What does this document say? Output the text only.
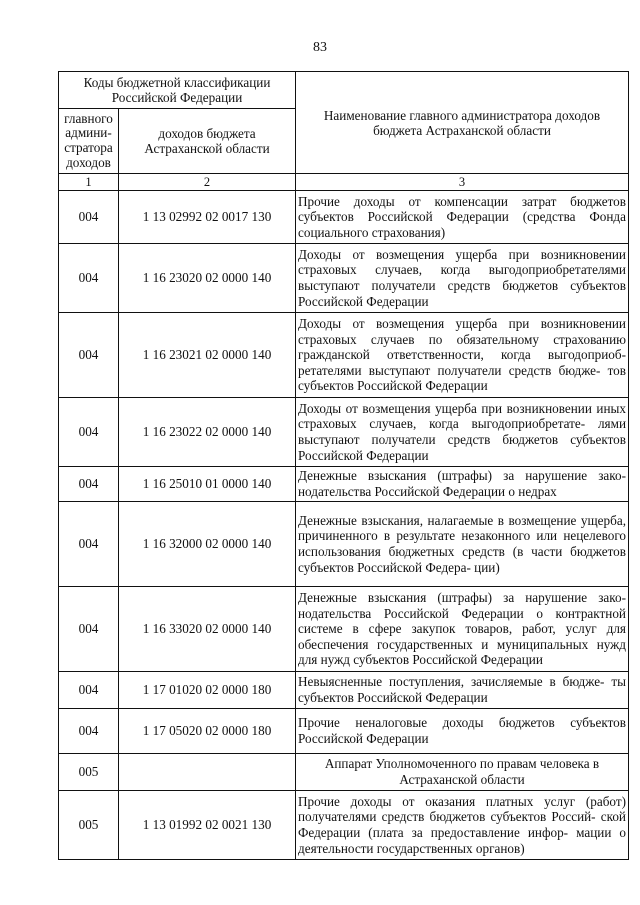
83
Коды бюджетной классификации Российской Федерации		Наименование главного администратора доходов бюджета Астраханской области
главного админи- стратора доходов	доходов бюджета Астраханской области	
1	2	3
004	1 13 02992 02 0017 130	Прочие доходы от компенсации затрат бюджетов субъектов Российской Федерации (средства Фонда социального страхования)
004	1 16 23020 02 0000 140	Доходы от возмещения ущерба при возникновении страховых случаев, когда выгодоприобретателями выступают получатели средств бюджетов субъектов Российской Федерации
004	1 16 23021 02 0000 140	Доходы от возмещения ущерба при возникновении страховых случаев по обязательному страхованию гражданской ответственности, когда выгодоприоб- ретателями выступают получатели средств бюдже- тов субъектов Российской Федерации
004	1 16 23022 02 0000 140	Доходы от возмещения ущерба при возникновении иных страховых случаев, когда выгодоприобретате- лями выступают получатели средств бюджетов субъектов Российской Федерации
004	1 16 25010 01 0000 140	Денежные взыскания (штрафы) за нарушение зако- нодательства Российской Федерации о недрах
004	1 16 32000 02 0000 140	Денежные взыскания, налагаемые в возмещение ущерба, причиненного в результате незаконного или нецелевого использования бюджетных средств (в части бюджетов субъектов Российской Федера- ции)
004	1 16 33020 02 0000 140	Денежные взыскания (штрафы) за нарушение зако- нодательства Российской Федерации о контрактной системе в сфере закупок товаров, работ, услуг для обеспечения государственных и муниципальных нужд для нужд субъектов Российской Федерации
004	1 17 01020 02 0000 180	Невыясненные поступления, зачисляемые в бюдже- ты субъектов Российской Федерации
004	1 17 05020 02 0000 180	Прочие неналоговые доходы бюджетов субъектов Российской Федерации
005		Аппарат Уполномоченного по правам человека в Астраханской области
005	1 13 01992 02 0021 130	Прочие доходы от оказания платных услуг (работ) получателями средств бюджетов субъектов Россий- ской Федерации (плата за предоставление инфор- мации о деятельности государственных органов)
